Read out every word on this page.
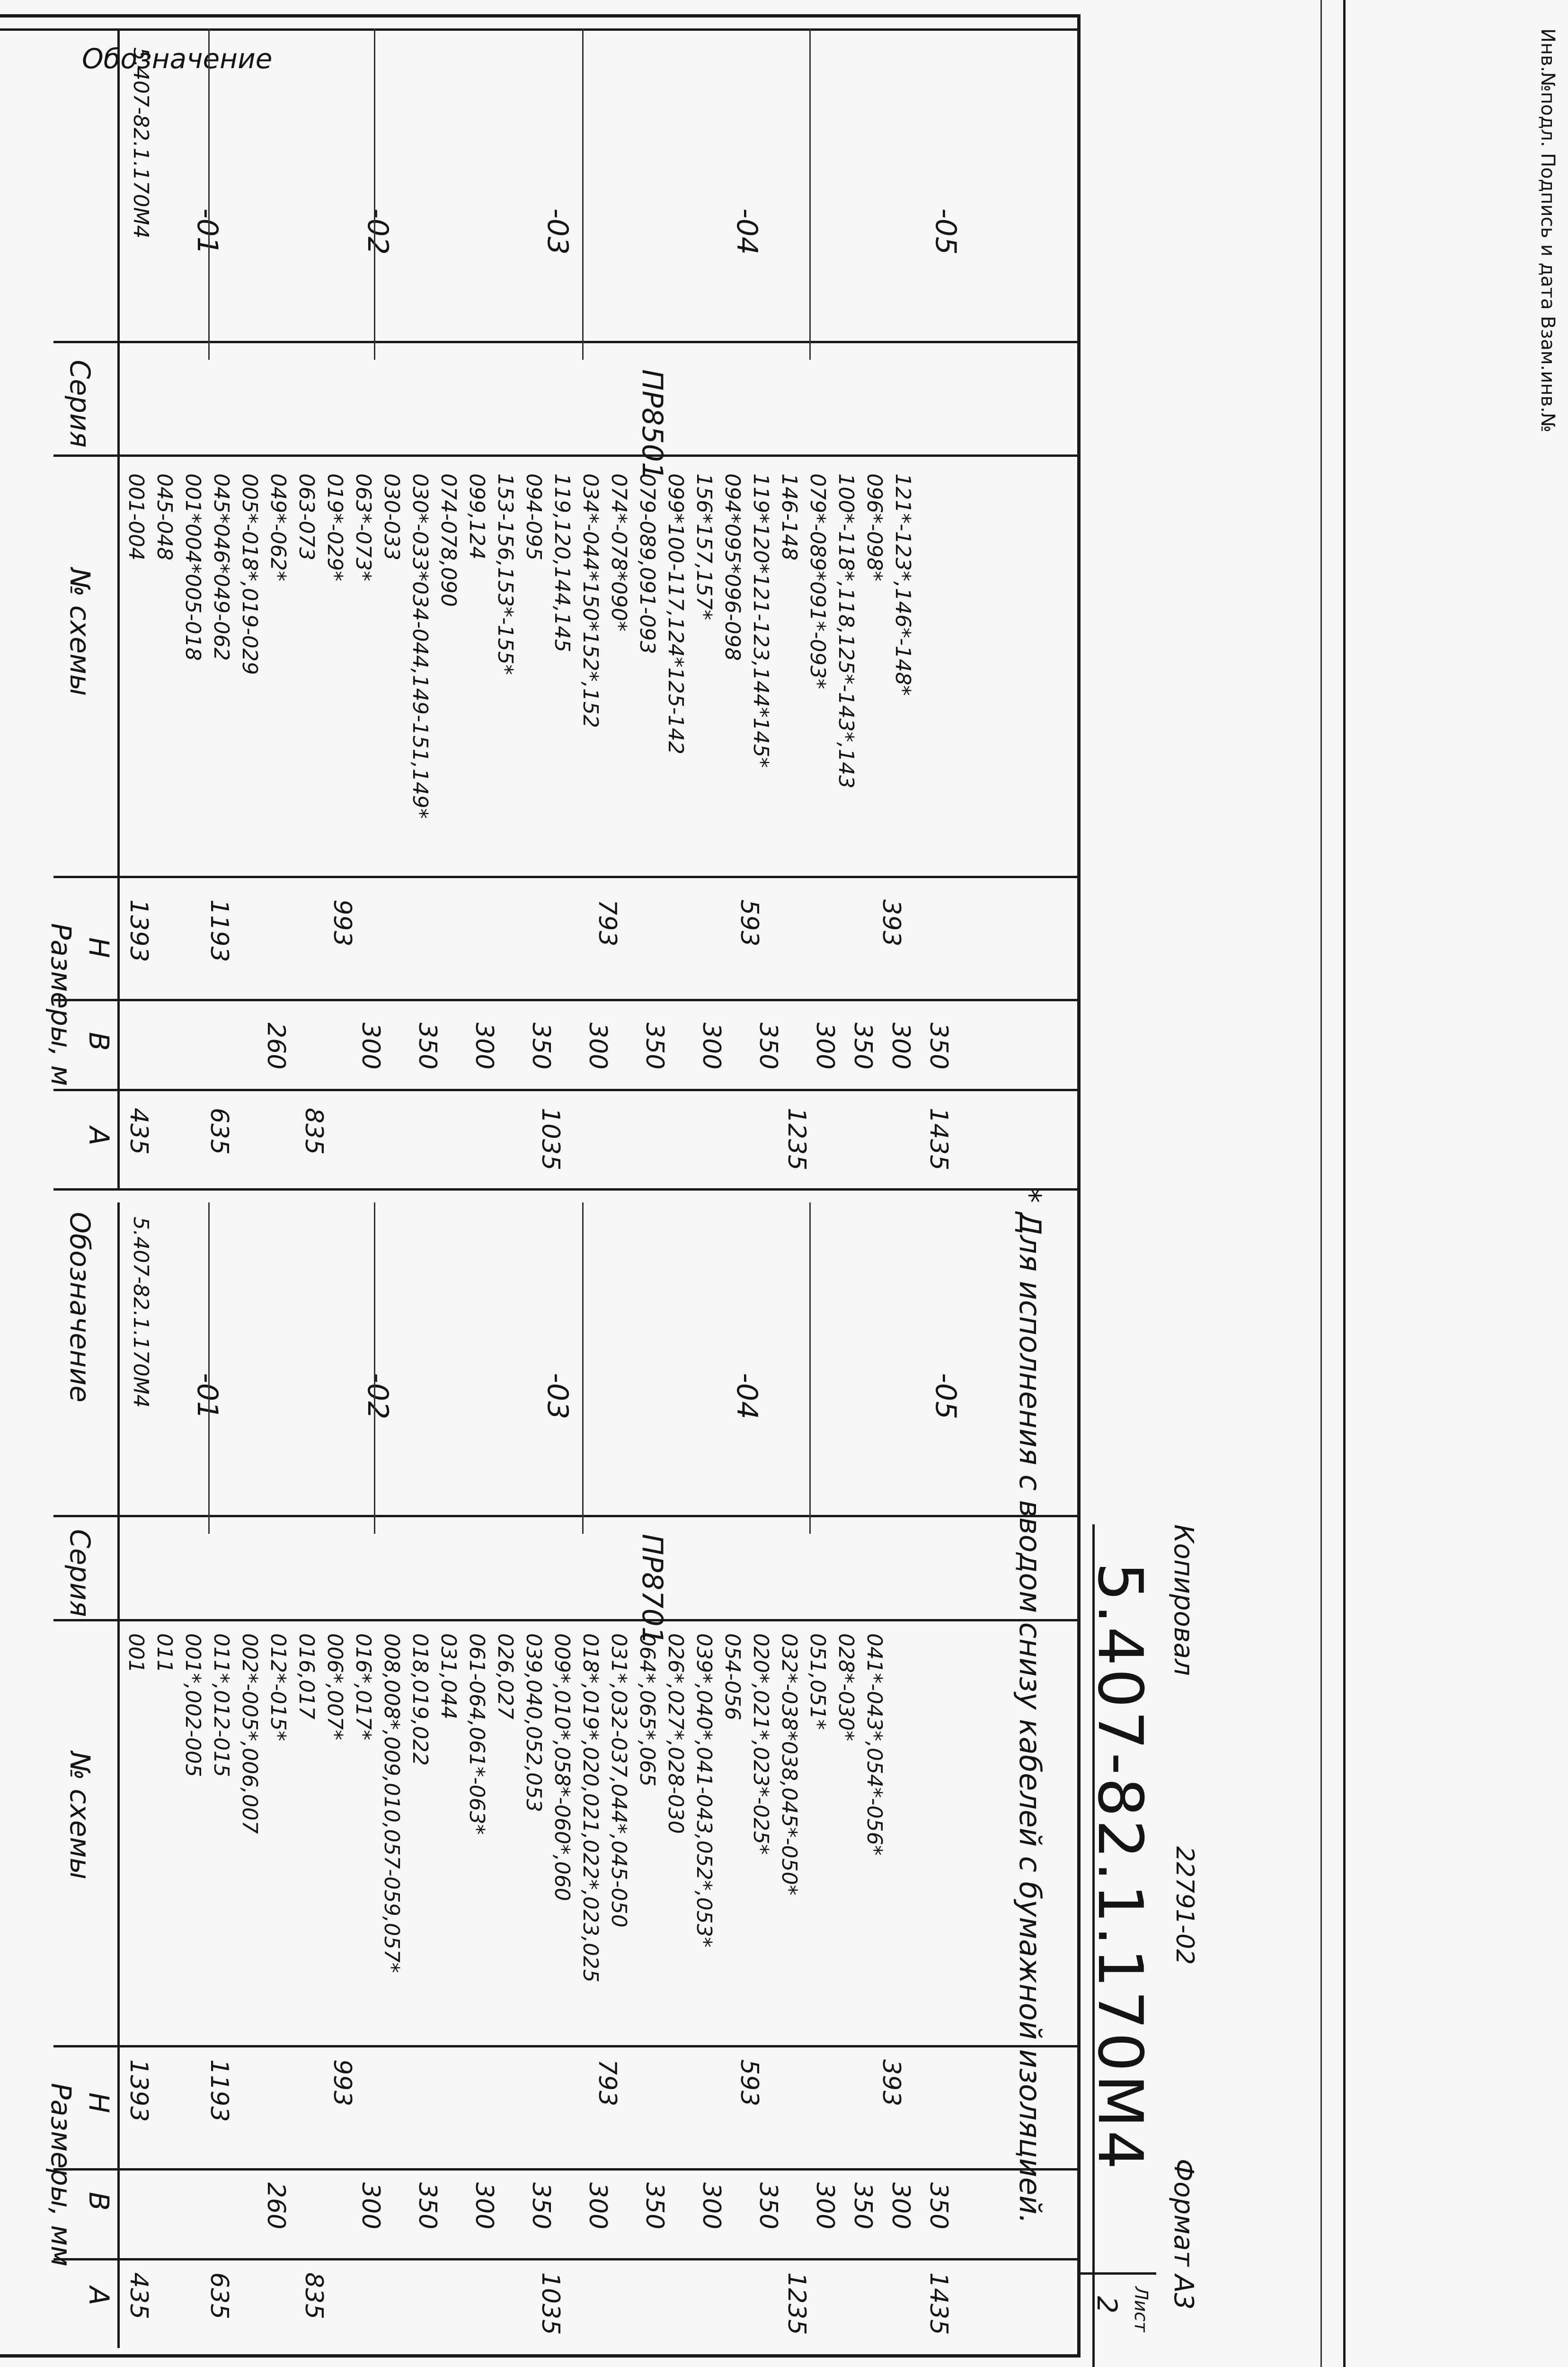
Инв.№подл. Подпись и дата Взам.инв.№
Обозначение
Серия
№ схемы
Размеры, м Н
В
А
5.407-82.1.170М4
ПР8501
-01
001-004 045-048 001*004*005-018 045*046*049-062
1393
435
-02
005*-018*,019-029 049*-062* 063-073 019*-029* 063*-073*
1193
635
260
-03
030-033 030*-033*034-044,149-151,149* 074-078,090 099,124 153-156,153*-155* 094-095 119,120,144,145
993
835
-04
034*-044*150*152*,152 074*-078*090* 079-089,091-093 099*100-117,124*125-142 156*157,157* 094*095*096-098 119*120*121-123,144*145* 146-148
793
1035
-05
079*-089*091*-093* 100*-118*,118,125*-143*,143 096*-098* 121*-123*,146*-148*
593
1235
393
1435
300 350 300 350 300 350 300 350 300 350 300 350
Обозначение
Серия
№ схемы
Размеры, мм Н
В
А
5.407-82.1.170М4
ПР8701
-01
001 011 001*,002-005 011*,012-015
1393
435
-02
002*-005*,006,007 012*-015* 016,017 006*,007* 016*,017*
1193
635
260
-03
008,008*,009,010,057-059,057* 018,019,022 031,044 061-064,061*-063* 026,027 039,040,052,053
993
835
-04
009*,010*,058*-060*,060 018*,019*,020,021,022*,023,025 031*,032-037,044*,045-050 064*,065*,065 026*,027*,028-030 039*,040*,041-043,052*,053* 054-056
793
1035
-05
020*,021*,023*-025* 032*-038*038,045*-050* 051,051* 028*-030* 041*-043*,054*-056*
593
1235
393
1435
300 350 300 350 300 350 300 350 300 350 300 350 * Для исполнения с вводом снизу кабелей с бумажной изоляцией. 5.407-82.1.170М4
Лист
2
Копировал
22791-02
Формат А3
